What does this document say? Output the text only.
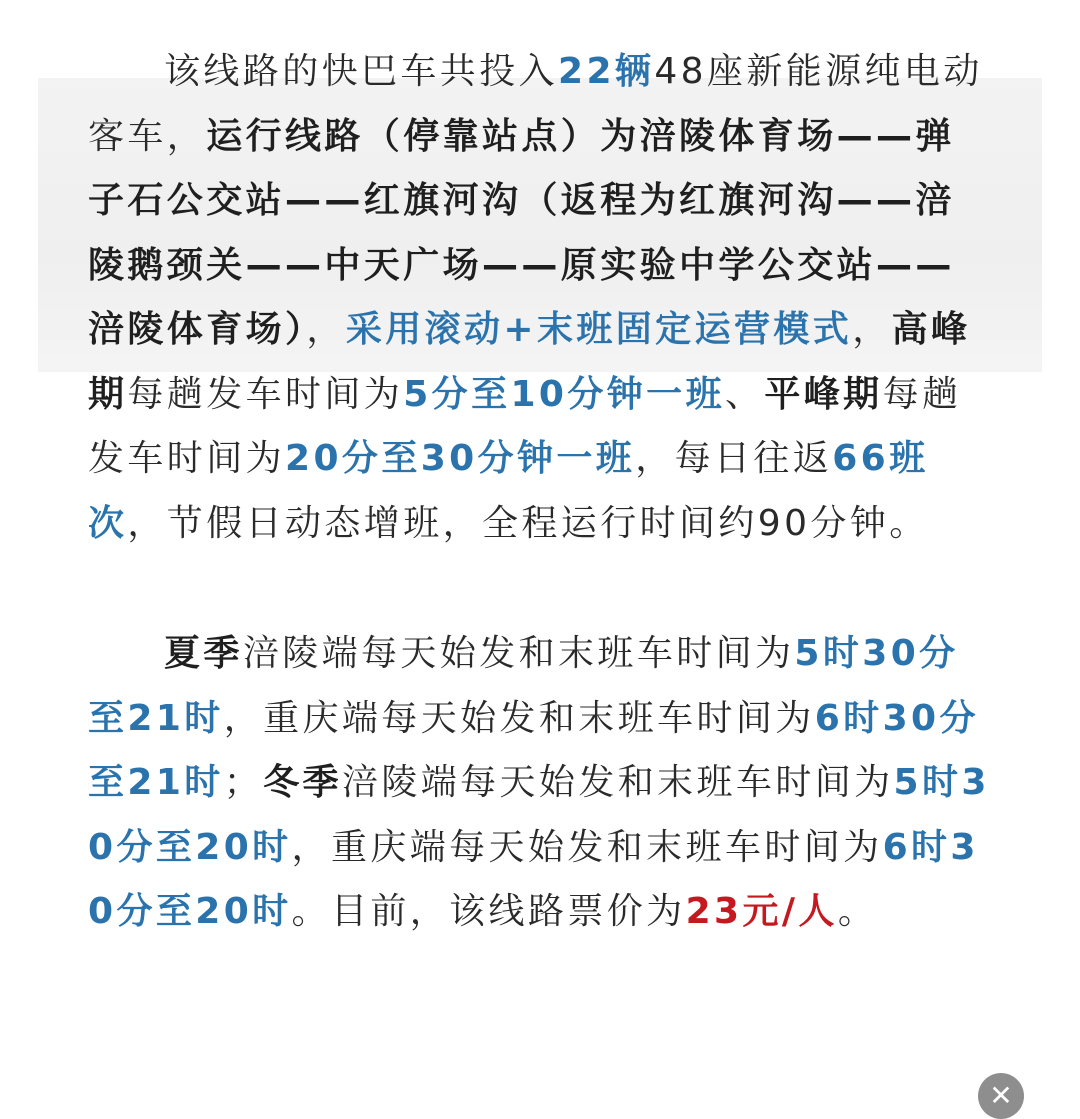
该线路的快巴车共投入22辆48座新能源纯电动客车，运行线路（停靠站点）为涪陵体育场——弹子石公交站——红旗河沟（返程为红旗河沟——涪陵鹅颈关——中天广场——原实验中学公交站——涪陵体育场），采用滚动+末班固定运营模式，高峰期每趟发车时间为5分至10分钟一班、平峰期每趟发车时间为20分至30分钟一班，每日往返66班次，节假日动态增班，全程运行时间约90分钟。

夏季涪陵端每天始发和末班车时间为5时30分至21时，重庆端每天始发和末班车时间为6时30分至21时；冬季涪陵端每天始发和末班车时间为5时30分至20时，重庆端每天始发和末班车时间为6时30分至20时。目前，该线路票价为23元/人。

✕
